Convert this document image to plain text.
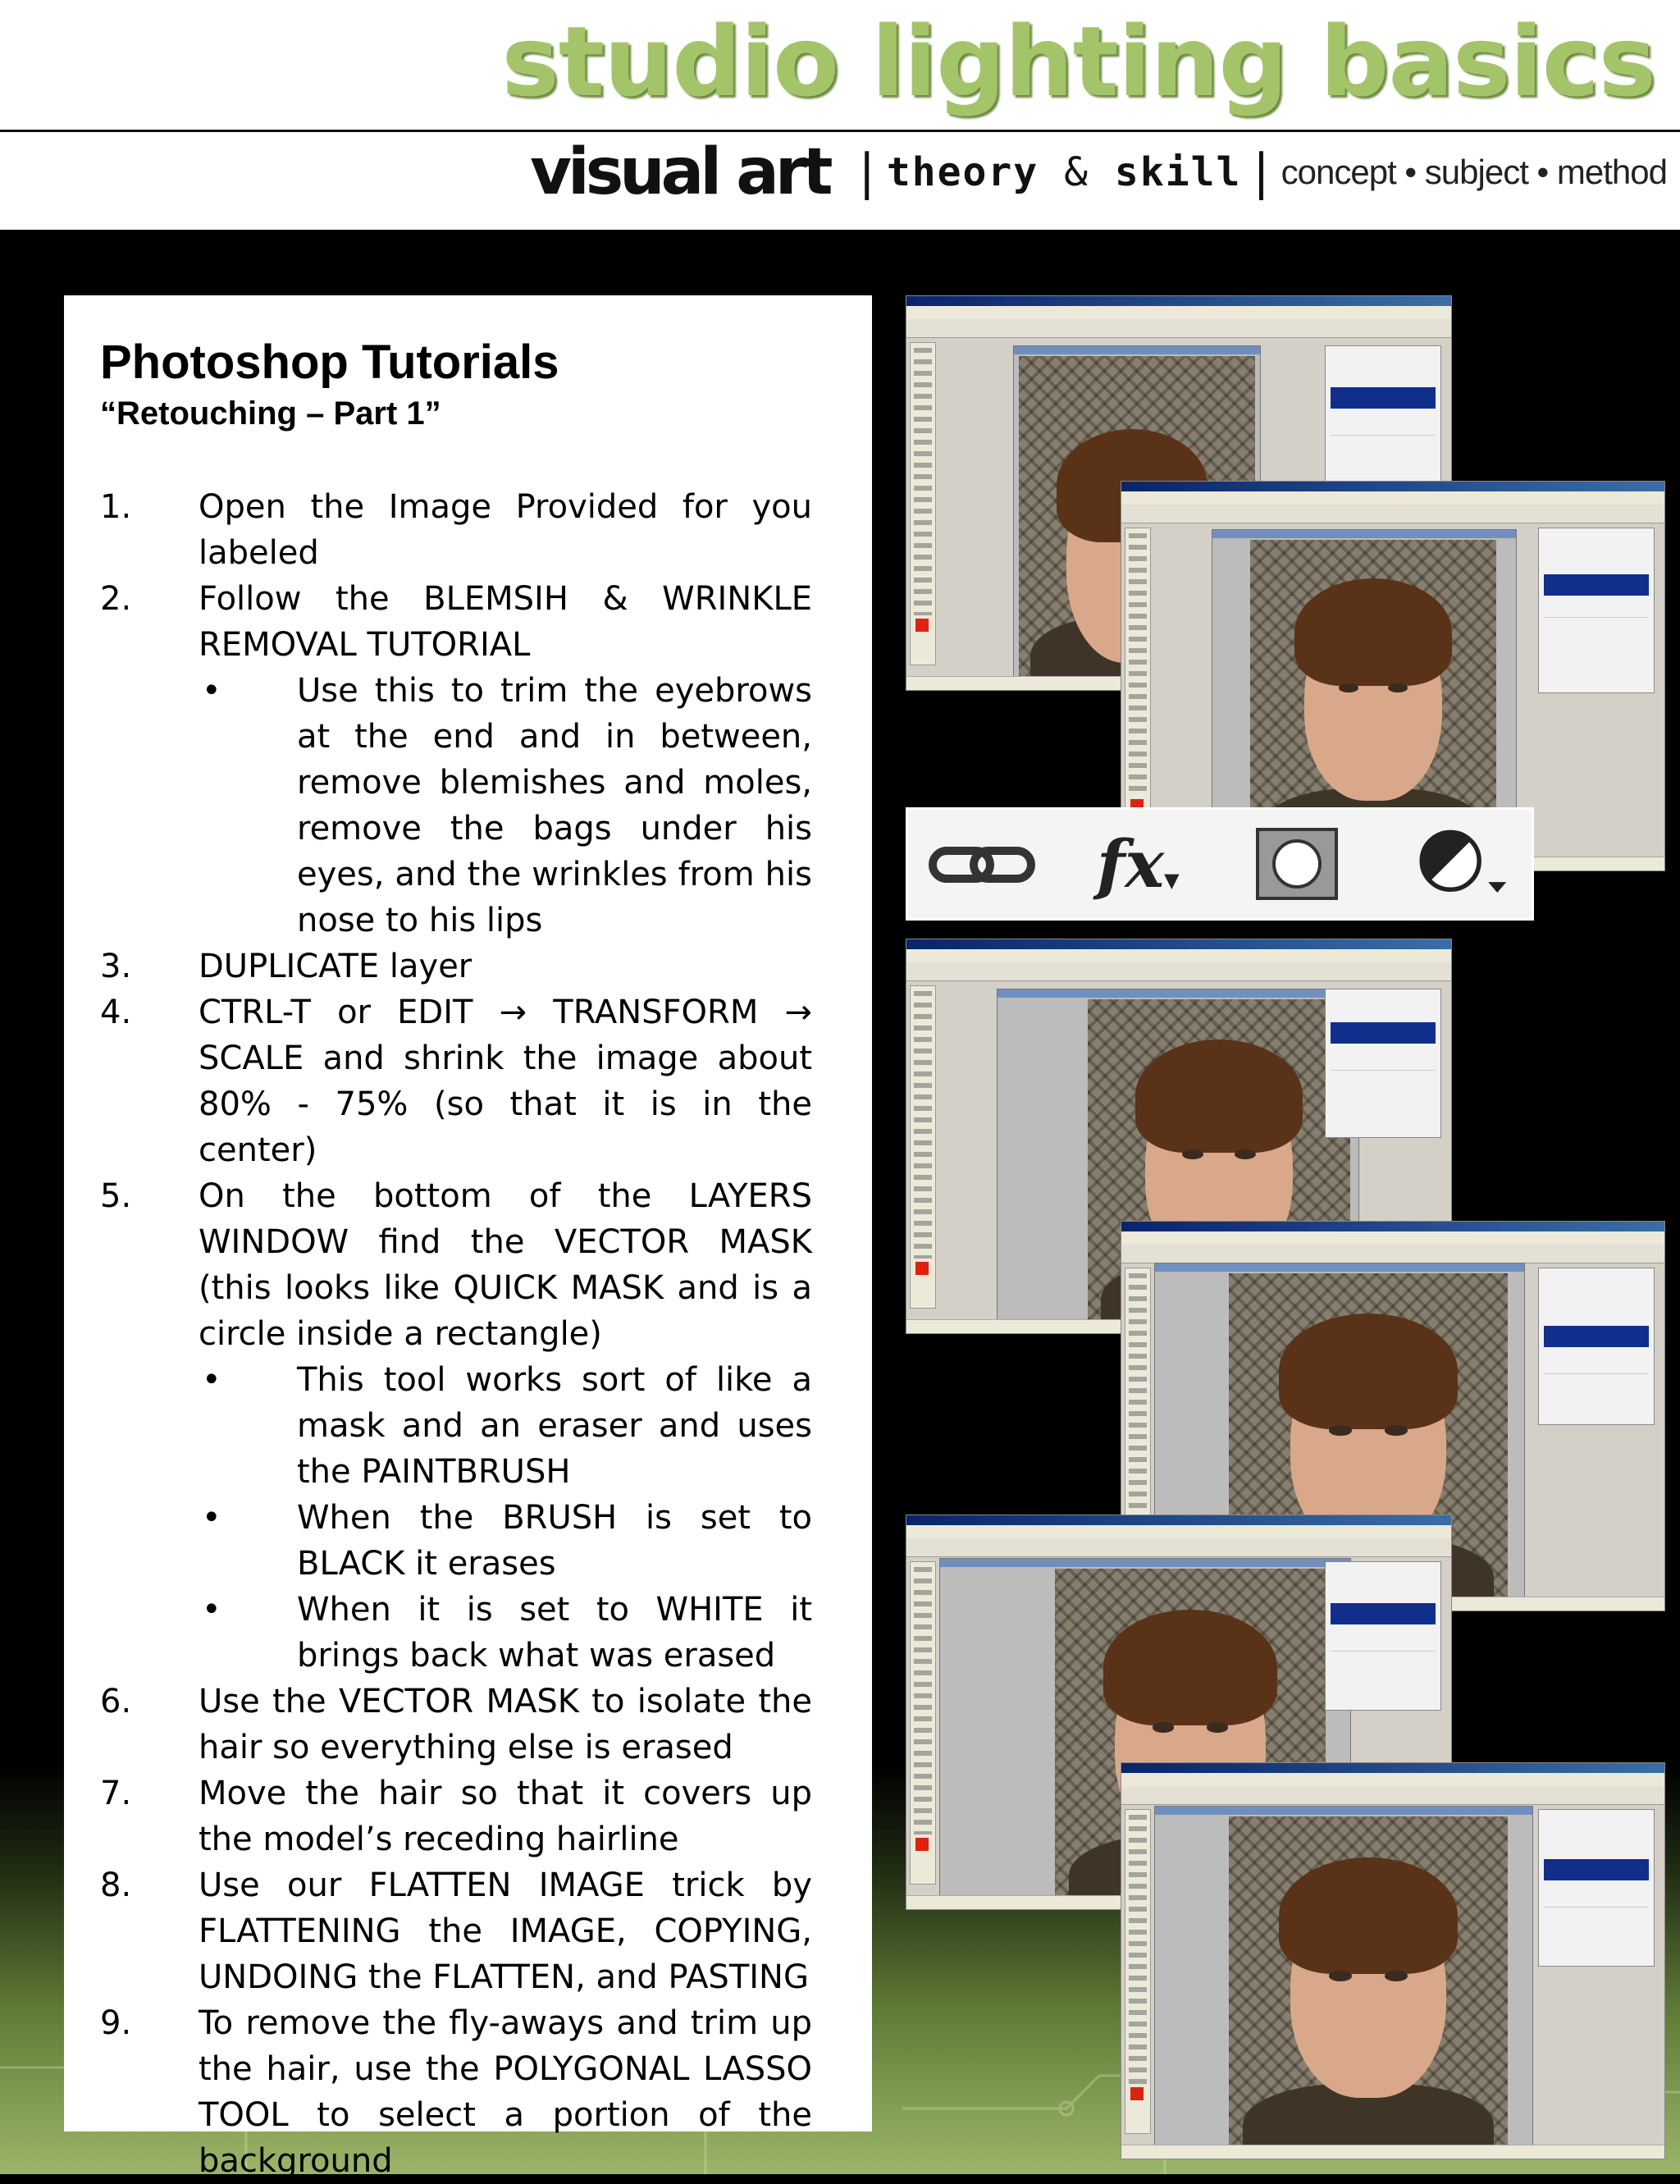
studio lighting basics
visual art | theory & skill | concept • subject • method
Photoshop Tutorials
“Retouching – Part 1”
1.	Open the Image Provided for you labeled
2.	Follow the BLEMSIH & WRINKLE REMOVAL TUTORIAL
•
Use this to trim the eyebrows at the end and in between, remove blemishes and moles, remove the bags under his eyes, and the wrinkles from his nose to his lips
3.	DUPLICATE layer
4.	CTRL-T or EDIT → TRANSFORM → SCALE and shrink the image about 80% - 75% (so that it is in the center)
5.	On the bottom of the LAYERS WINDOW find the VECTOR MASK (this looks like QUICK MASK and is a circle inside a rectangle)
•
This tool works sort of like a mask and an eraser and uses the PAINTBRUSH
•
When the BRUSH is set to BLACK it erases
•
When it is set to WHITE it brings back what was erased
6.	Use the VECTOR MASK to isolate the hair so everything else is erased
7.	Move the hair so that it covers up the model’s receding hairline
8.	Use our FLATTEN IMAGE trick by FLATTENING the IMAGE, COPYING, UNDOING the FLATTEN, and PASTING
9.	To remove the fly-aways and trim up the hair, use the POLYGONAL LASSO TOOL to select a portion of the background
fx▼
